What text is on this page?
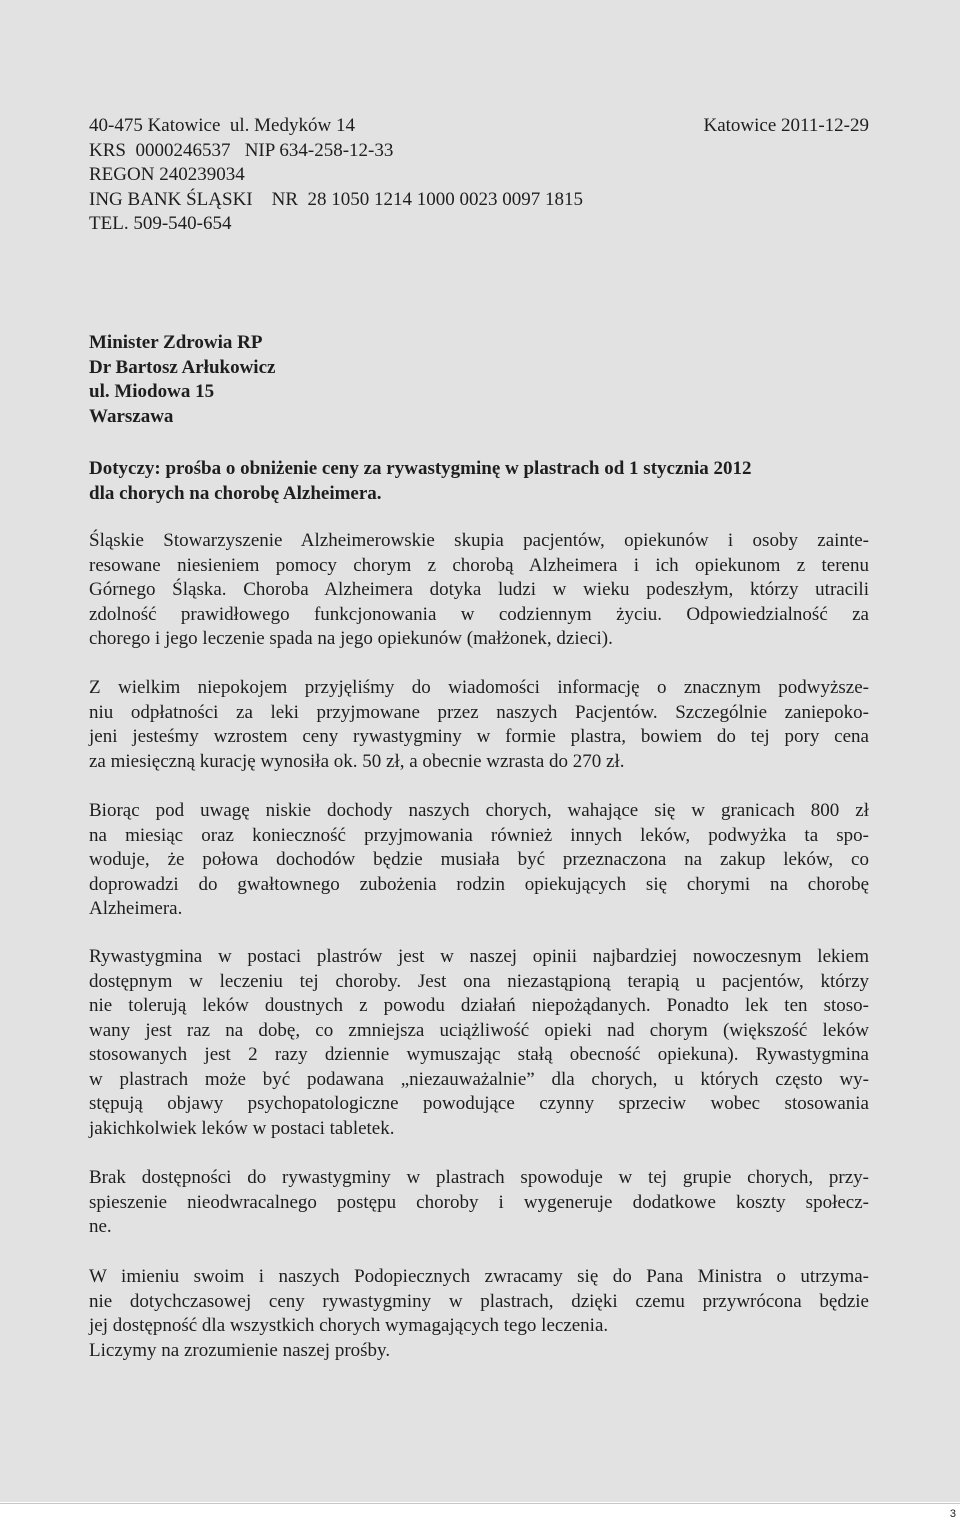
40-475 Katowice  ul. Medyków 14	Katowice 2011-12-29
KRS  0000246537   NIP 634-258-12-33
REGON 240239034
ING BANK ŚLĄSKI    NR  28 1050 1214 1000 0023 0097 1815
TEL. 509-540-654
Minister Zdrowia RP
Dr Bartosz Arłukowicz
ul. Miodowa 15
Warszawa
Dotyczy: prośba o obniżenie ceny za rywastygminę w plastrach od 1 stycznia 2012
dla chorych na chorobę Alzheimera.
Śląskie Stowarzyszenie Alzheimerowskie skupia pacjentów, opiekunów i osoby zainte-
resowane niesieniem pomocy chorym z chorobą Alzheimera i ich opiekunom z terenu
Górnego Śląska. Choroba Alzheimera dotyka ludzi w wieku podeszłym, którzy utracili
zdolność prawidłowego funkcjonowania w codziennym życiu. Odpowiedzialność za
chorego i jego leczenie spada na jego opiekunów (małżonek, dzieci).
Z wielkim niepokojem przyjęliśmy do wiadomości informację o znacznym podwyższe-
niu odpłatności za leki przyjmowane przez naszych Pacjentów. Szczególnie zaniepoko-
jeni jesteśmy wzrostem ceny rywastygminy w formie plastra, bowiem do tej pory cena
za miesięczną kurację wynosiła ok. 50 zł, a obecnie wzrasta do 270 zł.
Biorąc pod uwagę niskie dochody naszych chorych, wahające się w granicach 800 zł
na miesiąc oraz konieczność przyjmowania również innych leków, podwyżka ta spo-
woduje, że połowa dochodów będzie musiała być przeznaczona na zakup leków, co
doprowadzi do gwałtownego zubożenia rodzin opiekujących się chorymi na chorobę
Alzheimera.
Rywastygmina w postaci plastrów jest w naszej opinii najbardziej nowoczesnym lekiem
dostępnym w leczeniu tej choroby. Jest ona niezastąpioną terapią u pacjentów, którzy
nie tolerują leków doustnych z powodu działań niepożądanych. Ponadto lek ten stoso-
wany jest raz na dobę, co zmniejsza uciążliwość opieki nad chorym (większość leków
stosowanych jest 2 razy dziennie wymuszając stałą obecność opiekuna). Rywastygmina
w plastrach może być podawana „niezauważalnie” dla chorych, u których często wy-
stępują objawy psychopatologiczne powodujące czynny sprzeciw wobec stosowania
jakichkolwiek leków w postaci tabletek.
Brak dostępności do rywastygminy w plastrach spowoduje w tej grupie chorych, przy-
spieszenie nieodwracalnego postępu choroby i wygeneruje dodatkowe koszty społecz-
ne.
W imieniu swoim i naszych Podopiecznych zwracamy się do Pana Ministra o utrzyma-
nie dotychczasowej ceny rywastygminy w plastrach, dzięki czemu przywrócona będzie
jej dostępność dla wszystkich chorych wymagających tego leczenia.
Liczymy na zrozumienie naszej prośby.
3
